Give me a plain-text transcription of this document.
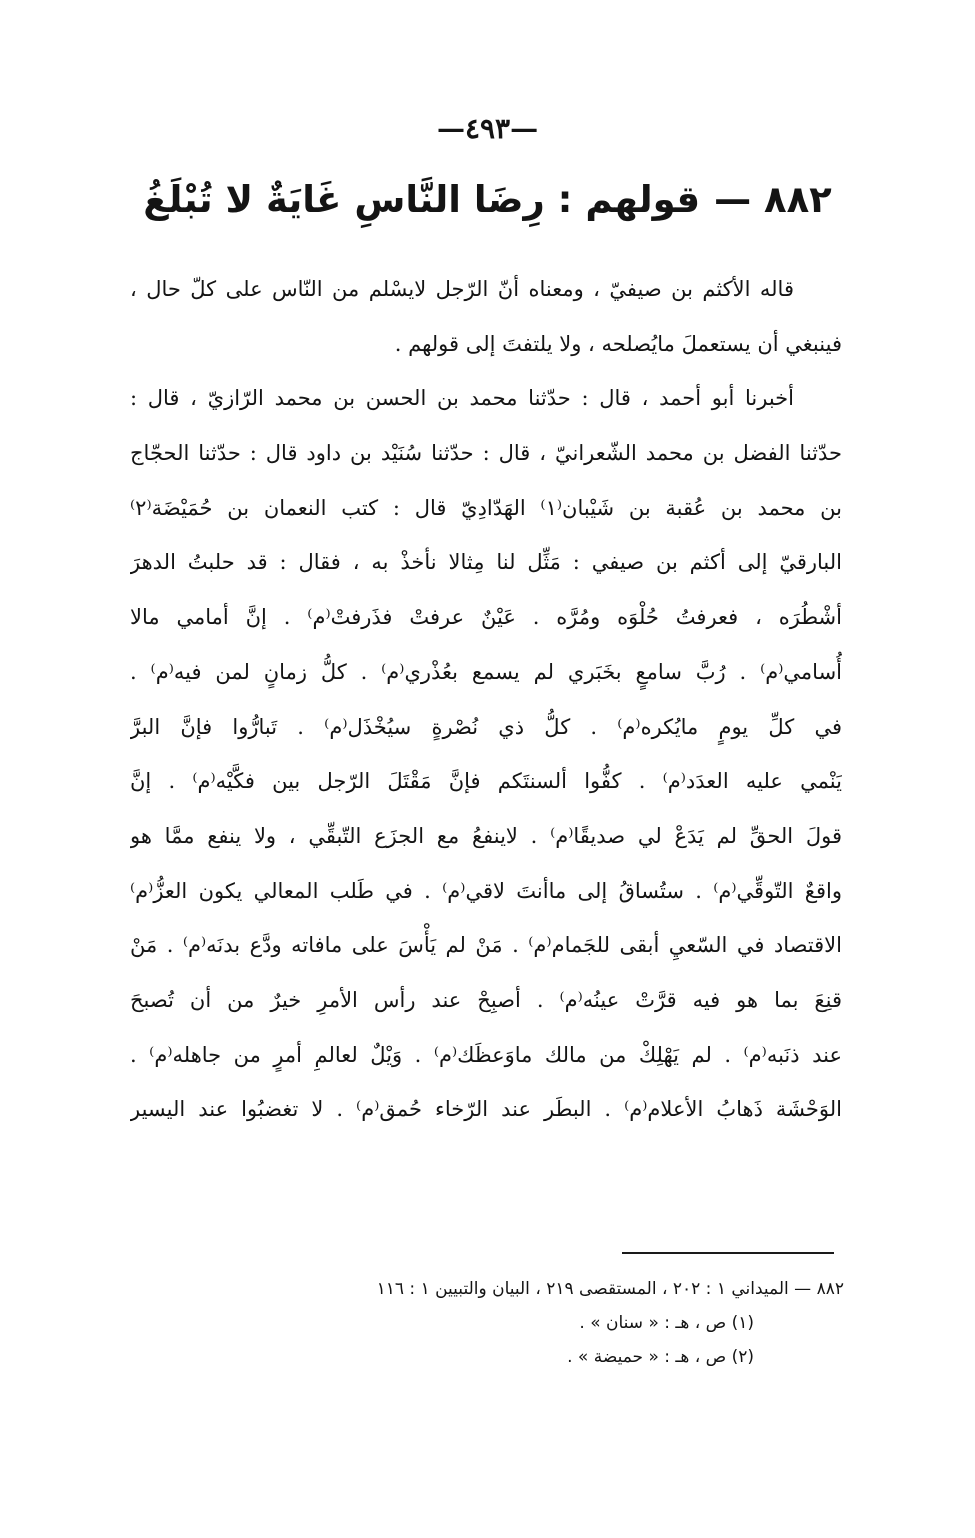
—٤٩٣—
٨٨٢ —قولهم : رِضَا النَّاسِ غَايَةٌ لا تُبْلَغُ
قاله الأكثم بن صيفيّ ، ومعناه أنّ الرّجل لايسْلم من النّاس على كلّ حال ،
فينبغي أن يستعملَ مايُصلحه ، ولا يلتفتَ إلى قولهم .
أخبرنا أبو أحمد ، قال : حدّثنا محمد بن الحسن بن محمد الرّازيّ ، قال :
حدّثنا الفضل بن محمد الشّعرانيّ ، قال : حدّثنا سُنَيْد بن داود قال : حدّثنا الحجّاج
بن محمد بن عُقبة بن شَيْبان⁽١⁾ الهَدّادِيّ قال : كتب النعمان بن حُمَيْضَة⁽٢⁾
البارقيّ إلى أكثم بن صيفي : مَثِّل لنا مِثالا نأخذْ به ، فقال : قد حلبتُ الدهرَ
أشْطُرَه ، فعرفتُ حُلْوَه ومُرَّه . عَيْنٌ عرفتْ فذَرفتْ⁽م⁾ . إنَّ أمامي مالا
أُسامي⁽م⁾ . رُبَّ سامعٍ بخَبَري لم يسمع بعُذْري⁽م⁾ . كلُّ زمانٍ لمن فيه⁽م⁾ .
في كلِّ يومٍ مايُكره⁽م⁾ . كلُّ ذي نُصْرةٍ سيُخْذَل⁽م⁾ . تَبارُّوا فإنَّ البرَّ
يَنْمي عليه العدَد⁽م⁾ . كفُّوا ألسنتَكم فإنَّ مَقْتَلَ الرّجل بين فكَّيْه⁽م⁾ . إنَّ
قولَ الحقِّ لم يَدَعْ لي صديقًا⁽م⁾ . لاينفعُ مع الجزَع التّبقِّي ، ولا ينفع ممَّا هو
واقعٌ التّوقِّي⁽م⁾ . ستُساقُ إلى ماأنتَ لاقي⁽م⁾ . في طَلب المعالي يكون العزُّ⁽م⁾
الاقتصاد في السّعيِ أبقى للجَمام⁽م⁾ . مَنْ لم يَأْسَ على مافاته ودَّع بدنَه⁽م⁾ . مَنْ
قنِعَ بما هو فيه قرَّتْ عينُه⁽م⁾ . أصبِحْ عند رأس الأمرِ خيرٌ من أن تُصبحَ
عند ذنَبه⁽م⁾ . لم يَهْلِكْ من مالك ماوَعظَك⁽م⁾ . وَيْلٌ لعالمِ أمرٍ من جاهله⁽م⁾ .
الوَحْشَة ذَهابُ الأعلام⁽م⁾ . البطَر عند الرّخاء حُمق⁽م⁾ . لا تغضبُوا عند اليسير
٨٨٢ — الميداني ١ : ٢٠٢ ، المستقصى ٢١٩ ، البيان والتبيين ١ : ١١٦
(١) ص ، هـ : « سنان » .
(٢) ص ، هـ : « حميضة » .
